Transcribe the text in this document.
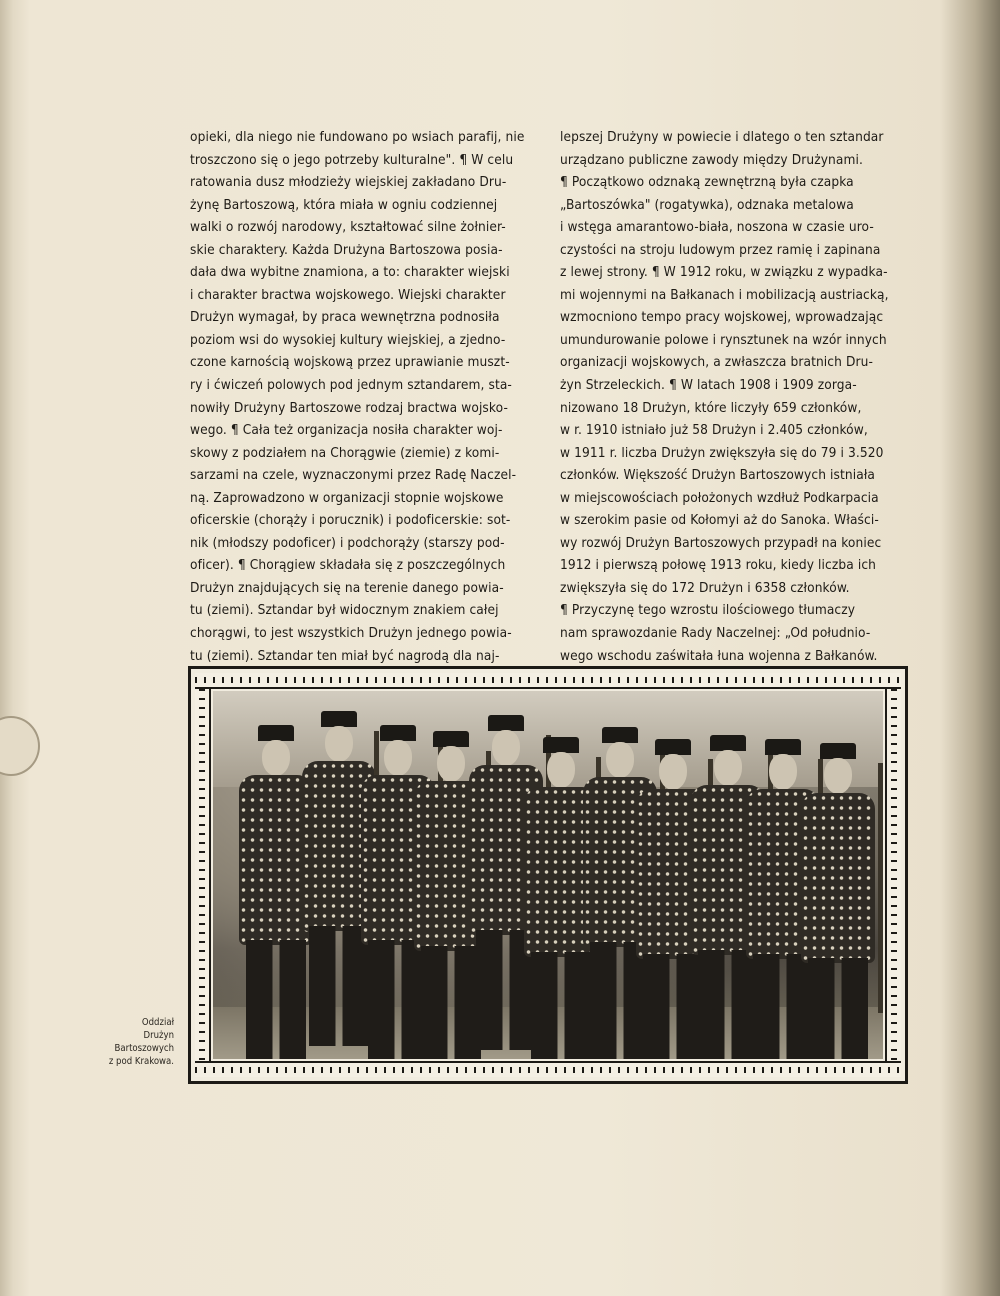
opieki, dla niego nie fundowano po wsiach parafij, nie
troszczono się o jego potrzeby kulturalne". ¶ W celu
ratowania dusz młodzieży wiejskiej zakładano Dru-
żynę Bartoszową, która miała w ogniu codziennej
walki o rozwój narodowy, kształtować silne żołnier-
skie charaktery. Każda Drużyna Bartoszowa posia-
dała dwa wybitne znamiona, a to: charakter wiejski
i charakter bractwa wojskowego. Wiejski charakter
Drużyn wymagał, by praca wewnętrzna podnosiła
poziom wsi do wysokiej kultury wiejskiej, a zjedno-
czone karnością wojskową przez uprawianie muszt-
ry i ćwiczeń polowych pod jednym sztandarem, sta-
nowiły Drużyny Bartoszowe rodzaj bractwa wojsko-
wego. ¶ Cała też organizacja nosiła charakter woj-
skowy z podziałem na Chorągwie (ziemie) z komi-
sarzami na czele, wyznaczonymi przez Radę Naczel-
ną. Zaprowadzono w organizacji stopnie wojskowe
oficerskie (chorąży i porucznik) i podoficerskie: sot-
nik (młodszy podoficer) i podchorąży (starszy pod-
oficer). ¶ Chorągiew składała się z poszczególnych
Drużyn znajdujących się na terenie danego powia-
tu (ziemi). Sztandar był widocznym znakiem całej
chorągwi, to jest wszystkich Drużyn jednego powia-
tu (ziemi). Sztandar ten miał być nagrodą dla naj-
lepszej Drużyny w powiecie i dlatego o ten sztandar
urządzano publiczne zawody między Drużynami.
¶ Początkowo odznaką zewnętrzną była czapka
„Bartoszówka" (rogatywka), odznaka metalowa
i wstęga amarantowo-biała, noszona w czasie uro-
czystości na stroju ludowym przez ramię i zapinana
z lewej strony. ¶ W 1912 roku, w związku z wypadka-
mi wojennymi na Bałkanach i mobilizacją austriacką,
wzmocniono tempo pracy wojskowej, wprowadzając
umundurowanie polowe i rynsztunek na wzór innych
organizacji wojskowych, a zwłaszcza bratnich Dru-
żyn Strzeleckich. ¶ W latach 1908 i 1909 zorga-
nizowano 18 Drużyn, które liczyły 659 członków,
w r. 1910 istniało już 58 Drużyn i 2.405 członków,
w 1911 r. liczba Drużyn zwiększyła się do 79 i 3.520
członków. Większość Drużyn Bartoszowych istniała
w miejscowościach położonych wzdłuż Podkarpacia
w szerokim pasie od Kołomyi aż do Sanoka. Właści-
wy rozwój Drużyn Bartoszowych przypadł na koniec
1912 i pierwszą połowę 1913 roku, kiedy liczba ich
zwiększyła się do 172 Drużyn i 6358 członków.
¶ Przyczynę tego wzrostu ilościowego tłumaczy
nam sprawozdanie Rady Naczelnej: „Od południo-
wego wschodu zaświtała łuna wojenna z Bałkanów.
Oddział
Drużyn
Bartoszowych
z pod Krakowa.
